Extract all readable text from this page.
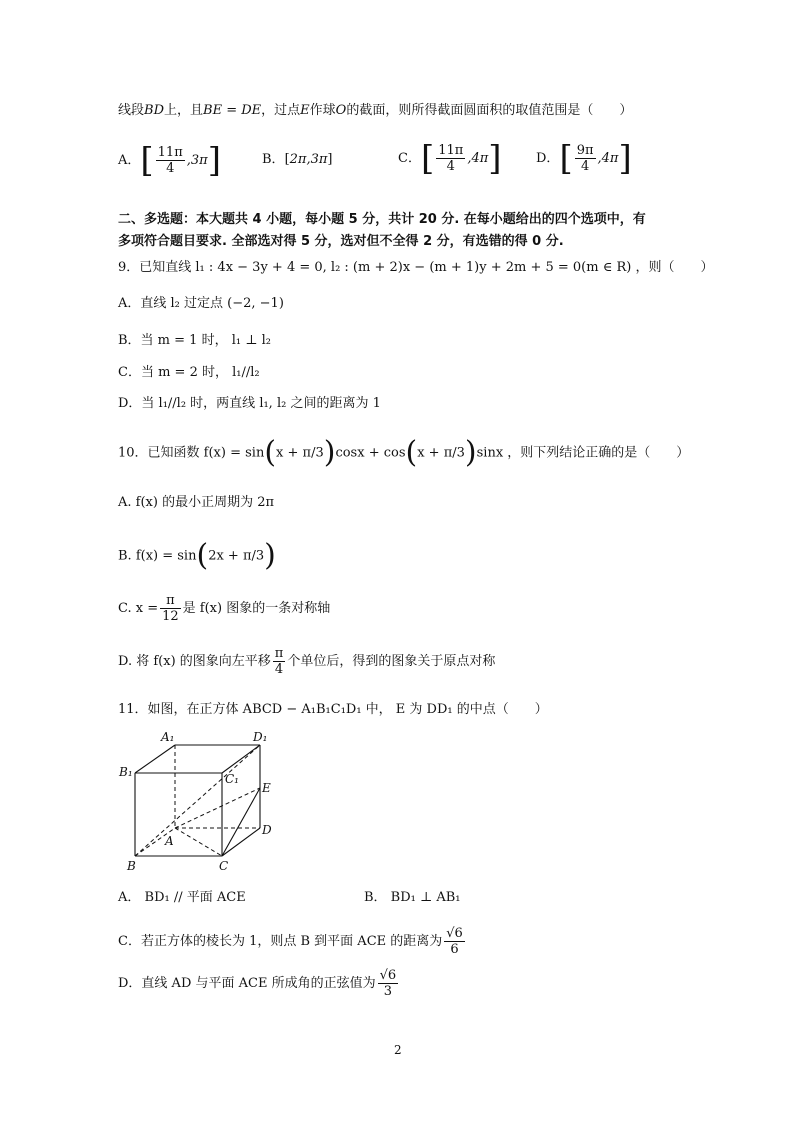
线段BD上，且BE = DE，过点E作球O的截面，则所得截面圆面积的取值范围是（　　）
A．[ $\frac{11\pi}{4} ,3\pi$]	B．[2π,3π]	C．[ $\frac{11\pi}{4} ,4\pi$]	D．[ $\frac{9\pi}{4} ,4\pi$]
二、多选题：本大题共 4 小题，每小题 5 分，共计 20 分. 在每小题给出的四个选项中，有
多项符合题目要求. 全部选对得 5 分，选对但不全得 2 分，有选错的得 0 分.
9．已知直线 l₁ : 4x − 3y + 4 = 0, l₂ : (m + 2)x − (m + 1)y + 2m + 5 = 0(m ∈ R) ，则（　　）
A．直线 l₂ 过定点 (−2, −1)
B．当 m = 1 时， l₁ ⊥ l₂
C．当 m = 2 时， l₁//l₂
D．当 l₁//l₂ 时，两直线 l₁, l₂ 之间的距离为 1
10．已知函数 f(x) = sin(x + π/3)cosx + cos(x + π/3)sinx ，则下列结论正确的是（　　）
A. f(x) 的最小正周期为 2π
B. f(x) = sin(2x + π/3)
C. $x = \frac{\pi}{12}$ 是 f(x) 图象的一条对称轴
D. 将 f(x) 的图象向左平移 $\frac{\pi}{4}$ 个单位后，得到的图象关于原点对称
11．如图，在正方体 ABCD − A₁B₁C₁D₁ 中， E 为 DD₁ 的中点（　　）
A₁	D₁
B₁	C₁
E
D
A
B	C
A． BD₁ // 平面 ACE	B． BD₁ ⊥ AB₁
C．若正方体的棱长为 1，则点 B 到平面 ACE 的距离为 $\frac{√6}{6}$
D．直线 AD 与平面 ACE 所成角的正弦值为 $\frac{√6}{3}$
2
